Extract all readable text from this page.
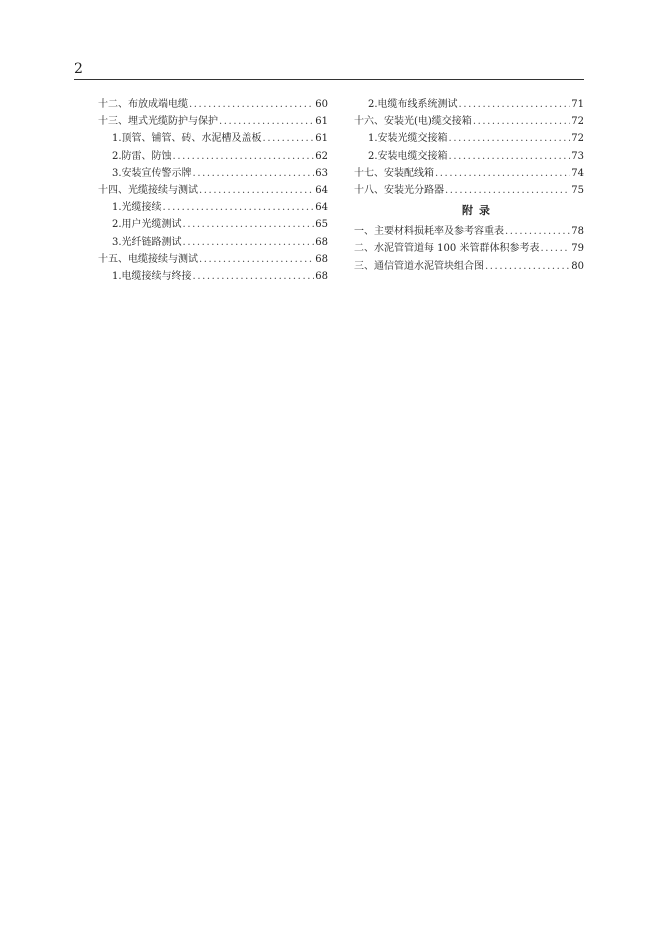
2
十二、布放成端电缆 .....	60
十三、埋式光缆防护与保护 .....	61
1.顶管、铺管、砖、水泥槽及盖板 .....	61
2.防雷、防蚀 .....	62
3.安装宣传警示牌 .....	63
十四、光缆接续与测试 .....	64
1.光缆接续 .....	64
2.用户光缆测试 .....	65
3.光纤链路测试 .....	68
十五、电缆接续与测试 .....	68
1.电缆接续与终接 .....	68
2.电缆布线系统测试 .....	71
十六、安装光(电)缆交接箱 .....	72
1.安装光缆交接箱 .....	72
2.安装电缆交接箱 .....	73
十七、安装配线箱 .....	74
十八、安装光分路器 .....	75
附录
一、主要材料损耗率及参考容重表 .....	78
二、水泥管管道每 100 米管群体积参考表 .....	79
三、通信管道水泥管块组合图 .....	80
